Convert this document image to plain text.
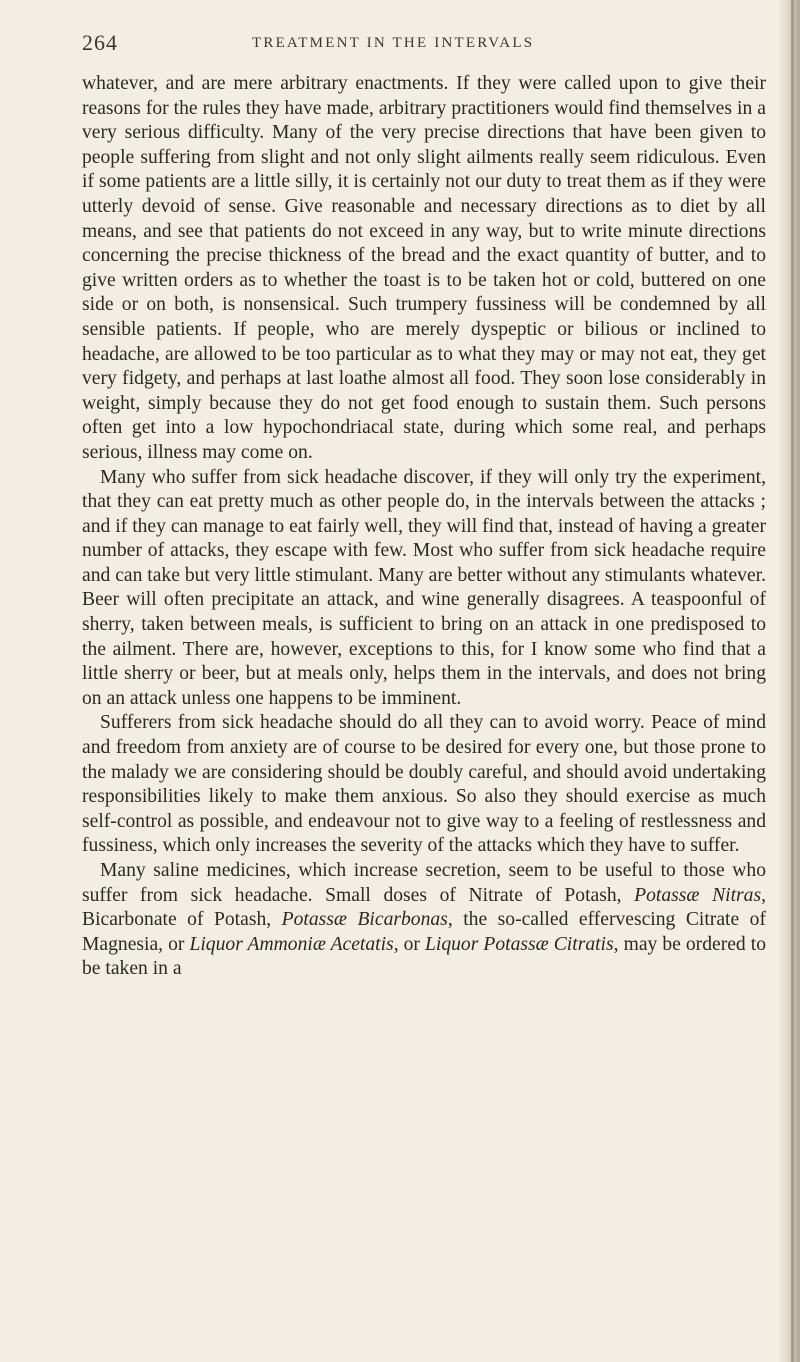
264	TREATMENT IN THE INTERVALS

whatever, and are mere arbitrary enactments. If they were called upon to give their reasons for the rules they have made, arbitrary practitioners would find themselves in a very serious difficulty. Many of the very precise directions that have been given to people suffering from slight and not only slight ailments really seem ridiculous. Even if some patients are a little silly, it is certainly not our duty to treat them as if they were utterly devoid of sense. Give reasonable and necessary directions as to diet by all means, and see that patients do not exceed in any way, but to write minute directions concerning the precise thickness of the bread and the exact quantity of butter, and to give written orders as to whether the toast is to be taken hot or cold, buttered on one side or on both, is nonsensical. Such trumpery fussiness will be condemned by all sensible patients. If people, who are merely dyspeptic or bilious or inclined to headache, are allowed to be too particular as to what they may or may not eat, they get very fidgety, and perhaps at last loathe almost all food. They soon lose considerably in weight, simply because they do not get food enough to sustain them. Such persons often get into a low hypochondriacal state, during which some real, and perhaps serious, illness may come on.

Many who suffer from sick headache discover, if they will only try the experiment, that they can eat pretty much as other people do, in the intervals between the attacks ; and if they can manage to eat fairly well, they will find that, instead of having a greater number of attacks, they escape with few. Most who suffer from sick headache require and can take but very little stimulant. Many are better without any stimulants whatever. Beer will often precipitate an attack, and wine generally disagrees. A teaspoonful of sherry, taken between meals, is sufficient to bring on an attack in one predisposed to the ailment. There are, however, exceptions to this, for I know some who find that a little sherry or beer, but at meals only, helps them in the intervals, and does not bring on an attack unless one happens to be imminent.

Sufferers from sick headache should do all they can to avoid worry. Peace of mind and freedom from anxiety are of course to be desired for every one, but those prone to the malady we are considering should be doubly careful, and should avoid undertaking responsibilities likely to make them anxious. So also they should exercise as much self-control as possible, and endeavour not to give way to a feeling of restlessness and fussiness, which only increases the severity of the attacks which they have to suffer.

Many saline medicines, which increase secretion, seem to be useful to those who suffer from sick headache. Small doses of Nitrate of Potash, Potassæ Nitras, Bicarbonate of Potash, Potassæ Bicarbonas, the so-called effervescing Citrate of Magnesia, or Liquor Ammoniæ Acetatis, or Liquor Potassæ Citratis, may be ordered to be taken in a
